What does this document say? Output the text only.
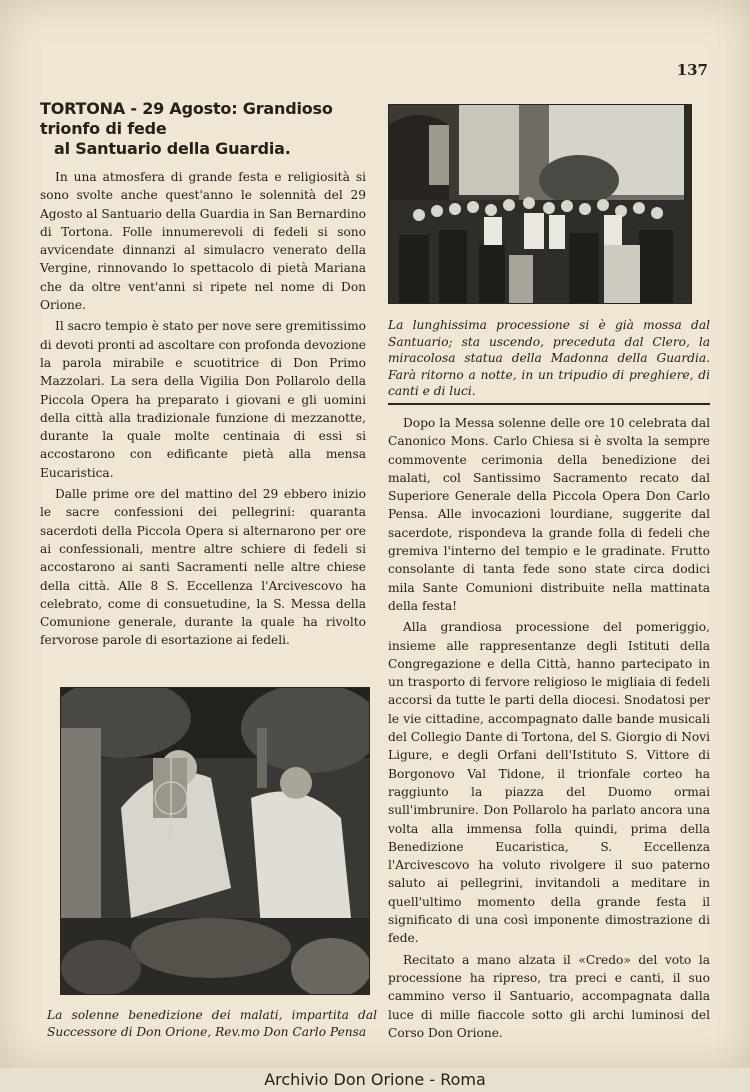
137
TORTONA - 29 Agosto: Grandioso trionfo di fede
al Santuario della Guardia.

In una atmosfera di grande festa e religiosità si sono svolte anche quest'anno le solennità del 29 Agosto al Santuario della Guardia in San Bernardino di Tortona. Folle innumerevoli di fedeli si sono avvicendate dinnanzi al simulacro venerato della Vergine, rinnovando lo spettacolo di pietà Mariana che da oltre vent'anni si ripete nel nome di Don Orione.

Il sacro tempio è stato per nove sere gremitissimo di devoti pronti ad ascoltare con profonda devozione la parola mirabile e scuotitrice di Don Primo Mazzolari. La sera della Vigilia Don Pollarolo della Piccola Opera ha preparato i giovani e gli uomini della città alla tradizionale funzione di mezzanotte, durante la quale molte centinaia di essi si accostarono con edificante pietà alla mensa Eucaristica.

Dalle prime ore del mattino del 29 ebbero inizio le sacre confessioni dei pellegrini: quaranta sacerdoti della Piccola Opera si alternarono per ore ai confessionali, mentre altre schiere di fedeli si accostarono ai santi Sacramenti nelle altre chiese della città. Alle 8 S. Eccellenza l'Arcivescovo ha celebrato, come di consuetudine, la S. Messa della Comunione generale, durante la quale ha rivolto fervorose parole di esortazione ai fedeli.

La lunghissima processione si è già mossa dal Santuario; sta uscendo, preceduta dal Clero, la miracolosa statua della Madonna della Guardia. Farà ritorno a notte, in un tripudio di preghiere, di canti e di luci.

Dopo la Messa solenne delle ore 10 celebrata dal Canonico Mons. Carlo Chiesa si è svolta la sempre commovente cerimonia della benedizione dei malati, col Santissimo Sacramento recato dal Superiore Generale della Piccola Opera Don Carlo Pensa. Alle invocazioni lourdiane, suggerite dal sacerdote, rispondeva la grande folla di fedeli che gremiva l'interno del tempio e le gradinate. Frutto consolante di tanta fede sono state circa dodici mila Sante Comunioni distribuite nella mattinata della festa!

Alla grandiosa processione del pomeriggio, insieme alle rappresentanze degli Istituti della Congregazione e della Città, hanno partecipato in un trasporto di fervore religioso le migliaia di fedeli accorsi da tutte le parti della diocesi. Snodatosi per le vie cittadine, accompagnato dalle bande musicali del Collegio Dante di Tortona, del S. Giorgio di Novi Ligure, e degli Orfani dell'Istituto S. Vittore di Borgonovo Val Tidone, il trionfale corteo ha raggiunto la piazza del Duomo ormai sull'imbrunire. Don Pollarolo ha parlato ancora una volta alla immensa folla quindi, prima della Benedizione Eucaristica, S. Eccellenza l'Arcivescovo ha voluto rivolgere il suo paterno saluto ai pellegrini, invitandoli a meditare in quell'ultimo momento della grande festa il significato di una così imponente dimostrazione di fede.

Recitato a mano alzata il «Credo» del voto la processione ha ripreso, tra preci e canti, il suo cammino verso il Santuario, accompagnata dalla luce di mille fiaccole sotto gli archi luminosi del Corso Don Orione.

La solenne benedizione dei malati, impartita dal Successore di Don Orione, Rev.mo Don Carlo Pensa
Archivio Don Orione - Roma
